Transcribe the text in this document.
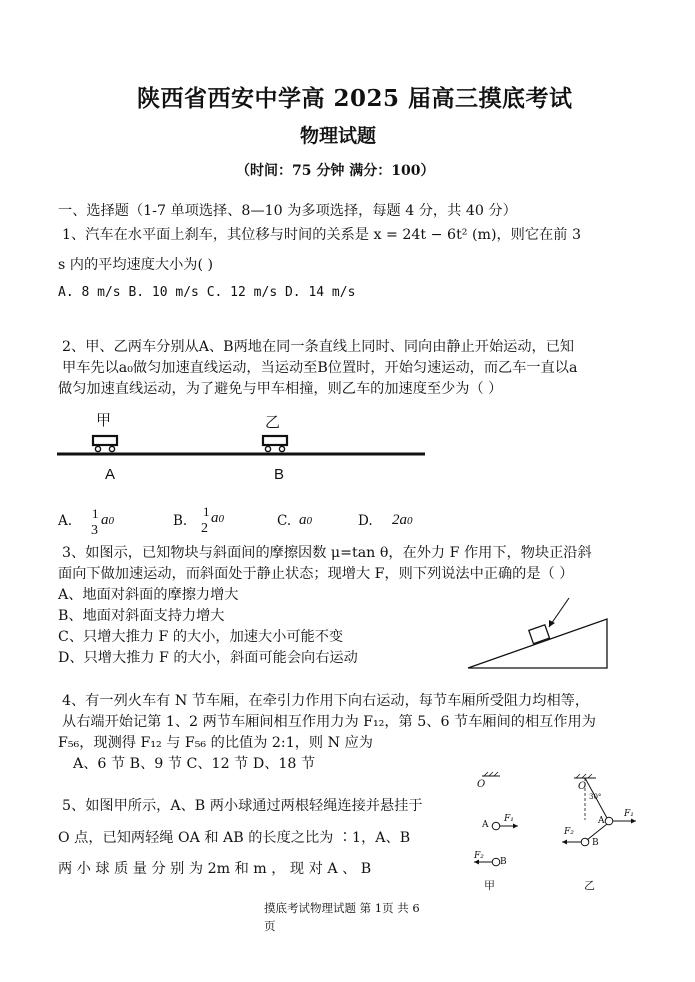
陕西省西安中学高 2025 届高三摸底考试
物理试题
（时间：75 分钟 满分：100）
一、选择题（1-7 单项选择、8—10 为多项选择，每题 4 分，共 40 分）
1、汽车在水平面上刹车，其位移与时间的关系是 x = 24t − 6t² (m)，则它在前 3
s 内的平均速度大小为( )
A. 8 m/s B. 10 m/s C. 12 m/s D. 14 m/s
2、甲、乙两车分别从A、B两地在同一条直线上同时、同向由静止开始运动，已知
甲车先以a₀做匀加速直线运动，当运动至B位置时，开始匀速运动，而乙车一直以a
做匀加速直线运动，为了避免与甲车相撞，则乙车的加速度至少为（ ）
甲	乙
A	B
A. 1
3
a0	B.
1
2
a0	C. a0	D. 2a0
3、如图示，已知物块与斜面间的摩擦因数 μ=tan θ，在外力 F 作用下，物块正沿斜
面向下做加速运动，而斜面处于静止状态；现增大 F，则下列说法中正确的是（ ）
A、地面对斜面的摩擦力增大
B、地面对斜面支持力增大
C、只增大推力 F 的大小，加速大小可能不变
D、只增大推力 F 的大小，斜面可能会向右运动
4、有一列火车有 N 节车厢，在牵引力作用下向右运动，每节车厢所受阻力均相等，
从右端开始记第 1、2 两节车厢间相互作用力为 F₁₂，第 5、6 节车厢间的相互作用为
F₅₆，现测得 F₁₂ 与 F₅₆ 的比值为 2:1，则 N 应为
A、6 节 B、9 节 C、12 节 D、18 节
5、如图甲所示，A、B 两小球通过两根轻绳连接并悬挂于
O 点，已知两轻绳 OA 和 AB 的长度之比为 ∶1，A、B
两 小 球 质 量 分 别 为 2m 和 m ， 现 对 A 、 B
O
A
F₁
B
F₂
甲
O
30°
A
F₁
B
F₂
乙
摸底考试物理试题 第 1页 共 6
页
